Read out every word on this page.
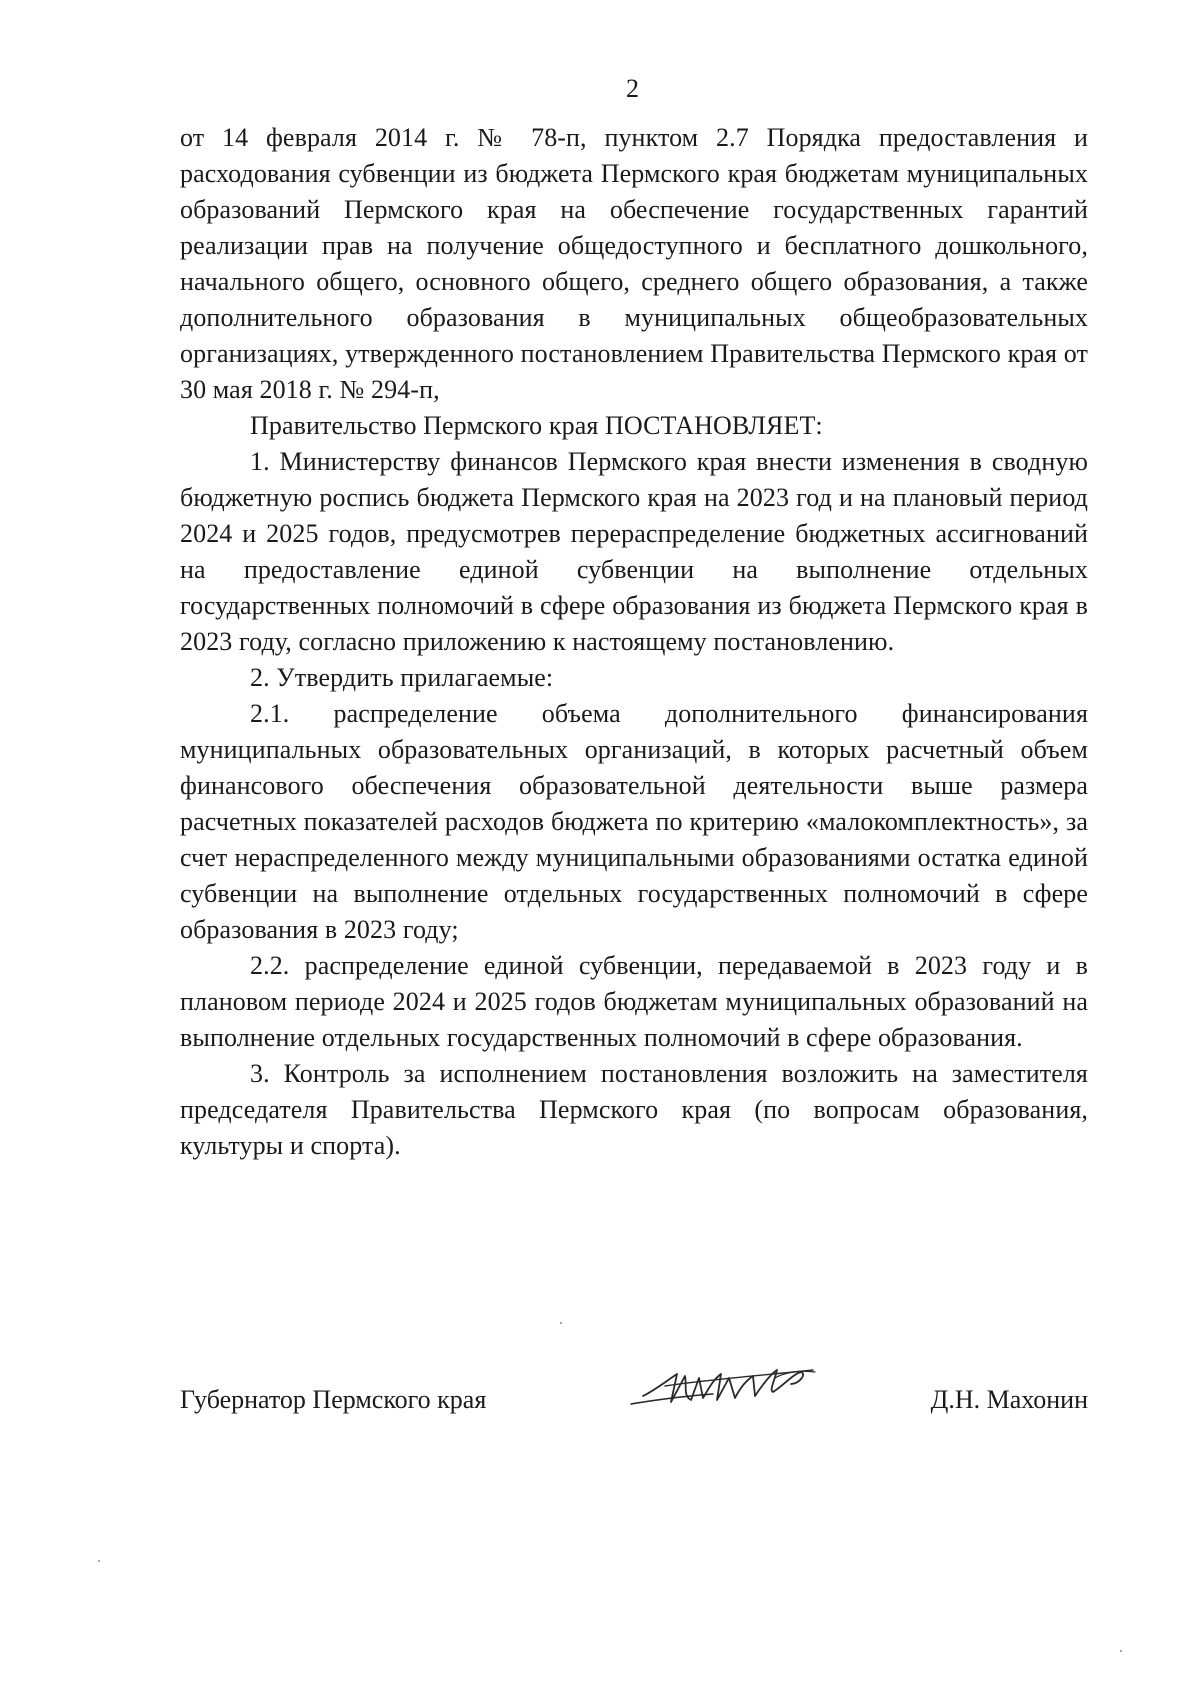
2

от 14 февраля 2014 г. № 78-п, пунктом 2.7 Порядка предоставления и расходования субвенции из бюджета Пермского края бюджетам муниципальных образований Пермского края на обеспечение государственных гарантий реализации прав на получение общедоступного и бесплатного дошкольного, начального общего, основного общего, среднего общего образования, а также дополнительного образования в муниципальных общеобразовательных организациях, утвержденного постановлением Правительства Пермского края от 30 мая 2018 г. № 294-п,

Правительство Пермского края ПОСТАНОВЛЯЕТ:

1. Министерству финансов Пермского края внести изменения в сводную бюджетную роспись бюджета Пермского края на 2023 год и на плановый период 2024 и 2025 годов, предусмотрев перераспределение бюджетных ассигнований на предоставление единой субвенции на выполнение отдельных государственных полномочий в сфере образования из бюджета Пермского края в 2023 году, согласно приложению к настоящему постановлению.

2. Утвердить прилагаемые:

2.1. распределение объема дополнительного финансирования муниципальных образовательных организаций, в которых расчетный объем финансового обеспечения образовательной деятельности выше размера расчетных показателей расходов бюджета по критерию «малокомплектность», за счет нераспределенного между муниципальными образованиями остатка единой субвенции на выполнение отдельных государственных полномочий в сфере образования в 2023 году;

2.2. распределение единой субвенции, передаваемой в 2023 году и в плановом периоде 2024 и 2025 годов бюджетам муниципальных образований на выполнение отдельных государственных полномочий в сфере образования.

3. Контроль за исполнением постановления возложить на заместителя председателя Правительства Пермского края (по вопросам образования, культуры и спорта).

Губернатор Пермского края	Д.Н. Махонин
